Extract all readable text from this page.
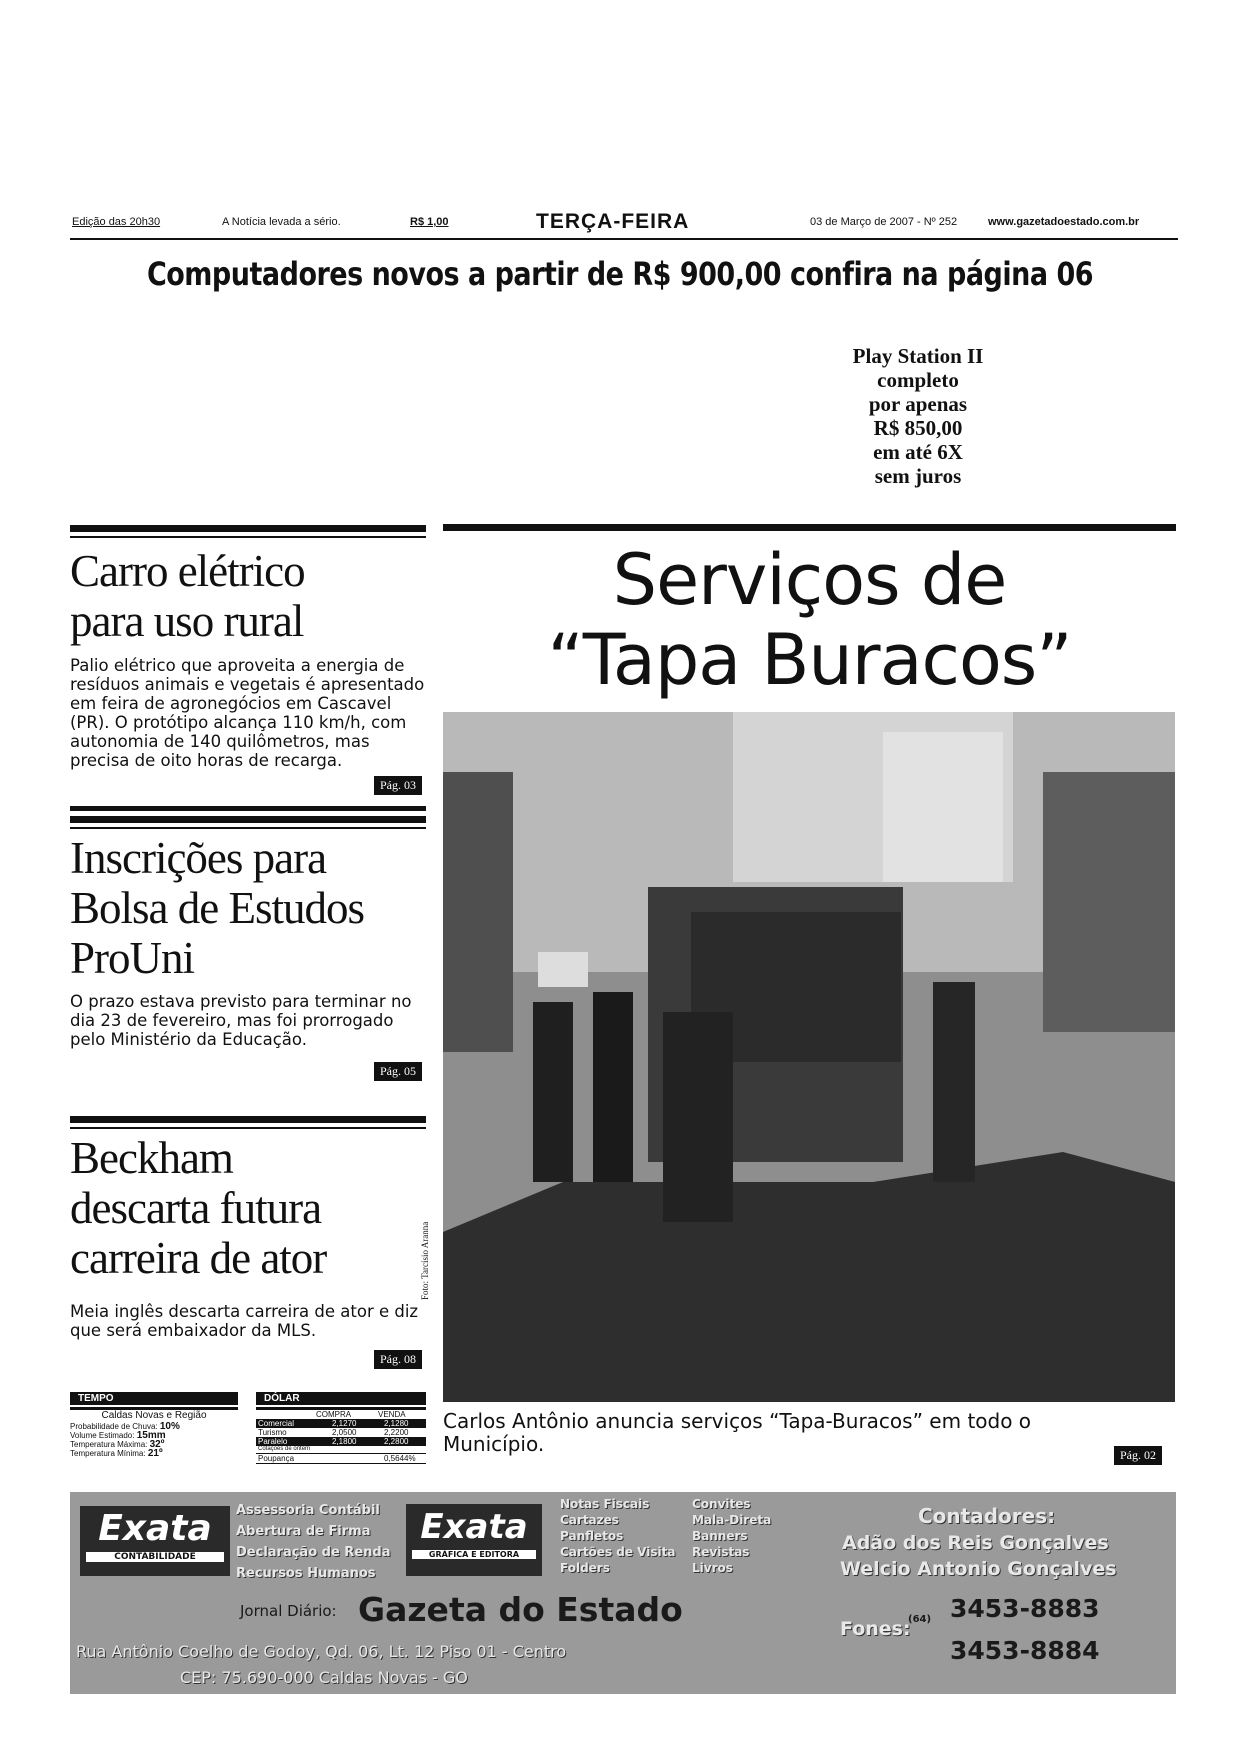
Edição das 20h30	A Notícia levada a sério.	R$ 1,00	TERÇA-FEIRA	03 de Março de 2007 - Nº 252	www.gazetadoestado.com.br
Computadores novos a partir de R$ 900,00 confira na página 06
Play Station II
completo
por apenas
R$ 850,00
em até 6X
sem juros
Carro elétrico
para uso rural
Palio elétrico que aproveita a energia de resíduos animais e vegetais é apresentado em feira de agronegócios em Cascavel (PR). O protótipo alcança 110 km/h, com autonomia de 140 quilômetros, mas precisa de oito horas de recarga.
Pág. 03
Inscrições para
Bolsa de Estudos
ProUni
O prazo estava previsto para terminar no dia 23 de fevereiro, mas foi prorrogado pelo Ministério da Educação.
Pág. 05
Beckham
descarta futura
carreira de ator
Meia inglês descarta carreira de ator e diz que será embaixador da MLS.
Pág. 08
TEMPO
Caldas Novas e Região
Probabilidade de Chuva: 10%
Volume Estimado: 15mm
Temperatura Máxima: 32º
Temperatura Mínima: 21º
DÓLAR
COMPRA	VENDA
Comercial	2,1270	2,1280
Turismo	2,0500	2,2200
Paralelo	2,1800	2,2800
Cotações de ontem
Poupança	0,5644%
Serviços de
“Tapa Buracos”
Foto: Tarcísio Aranna
Carlos Antônio anuncia serviços “Tapa-Buracos” em todo o Município.	Pág. 02
Exata
CONTABILIDADE
Assessoria Contábil
Abertura de Firma
Declaração de Renda
Recursos Humanos
Exata
GRÁFICA E EDITORA
Notas Fiscais
Cartazes
Panfletos
Cartões de Visita
Folders
Convites
Mala-Direta
Banners
Revistas
Livros
Contadores:
Adão dos Reis Gonçalves
Welcio Antonio Gonçalves
Jornal Diário: Gazeta do Estado	Fones:
(64) 3453-8883
3453-8884
Rua Antônio Coelho de Godoy, Qd. 06, Lt. 12 Piso 01 - Centro
CEP: 75.690-000 Caldas Novas - GO
